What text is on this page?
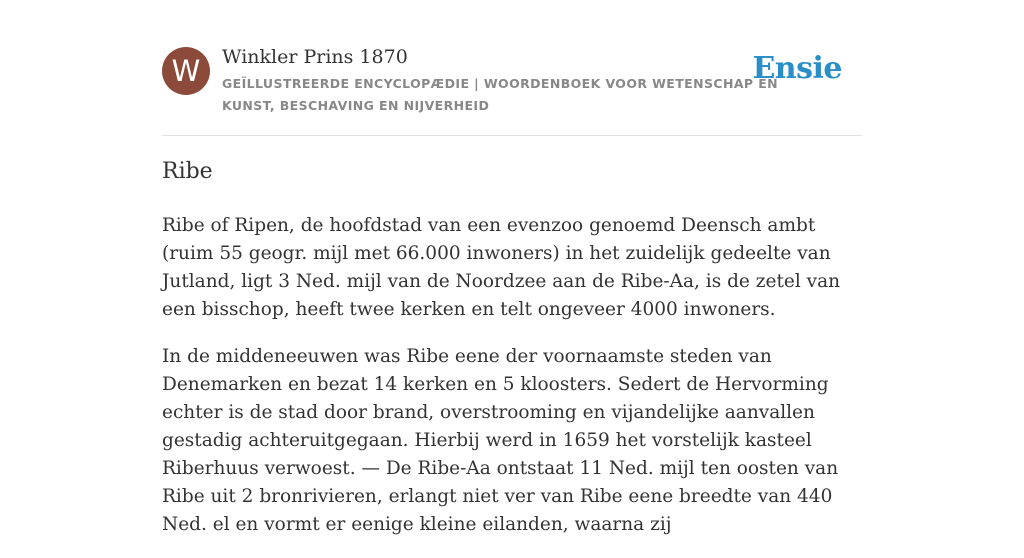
W	Winkler Prins 1870
GEÏLLUSTREERDE ENCYCLOPÆDIE | WOORDENBOEK VOOR WETENSCHAP EN KUNST, BESCHAVING EN NIJVERHEID
Ensie
Ribe

Ribe of Ripen, de hoofdstad van een evenzoo genoemd Deensch ambt (ruim 55 geogr. mijl met 66.000 inwoners) in het zuidelijk gedeelte van Jutland, ligt 3 Ned. mijl van de Noordzee aan de Ribe-Aa, is de zetel van een bisschop, heeft twee kerken en telt ongeveer 4000 inwoners.

In de middeneeuwen was Ribe eene der voornaamste steden van Denemarken en bezat 14 kerken en 5 kloosters. Sedert de Hervorming echter is de stad door brand, overstrooming en vijandelijke aanvallen gestadig achteruitgegaan. Hierbij werd in 1659 het vorstelijk kasteel Riberhuus verwoest. — De Ribe-Aa ontstaat 11 Ned. mijl ten oosten van Ribe uit 2 bronrivieren, erlangt niet ver van Ribe eene breedte van 440 Ned. el en vormt er eenige kleine eilanden, waarna zij
